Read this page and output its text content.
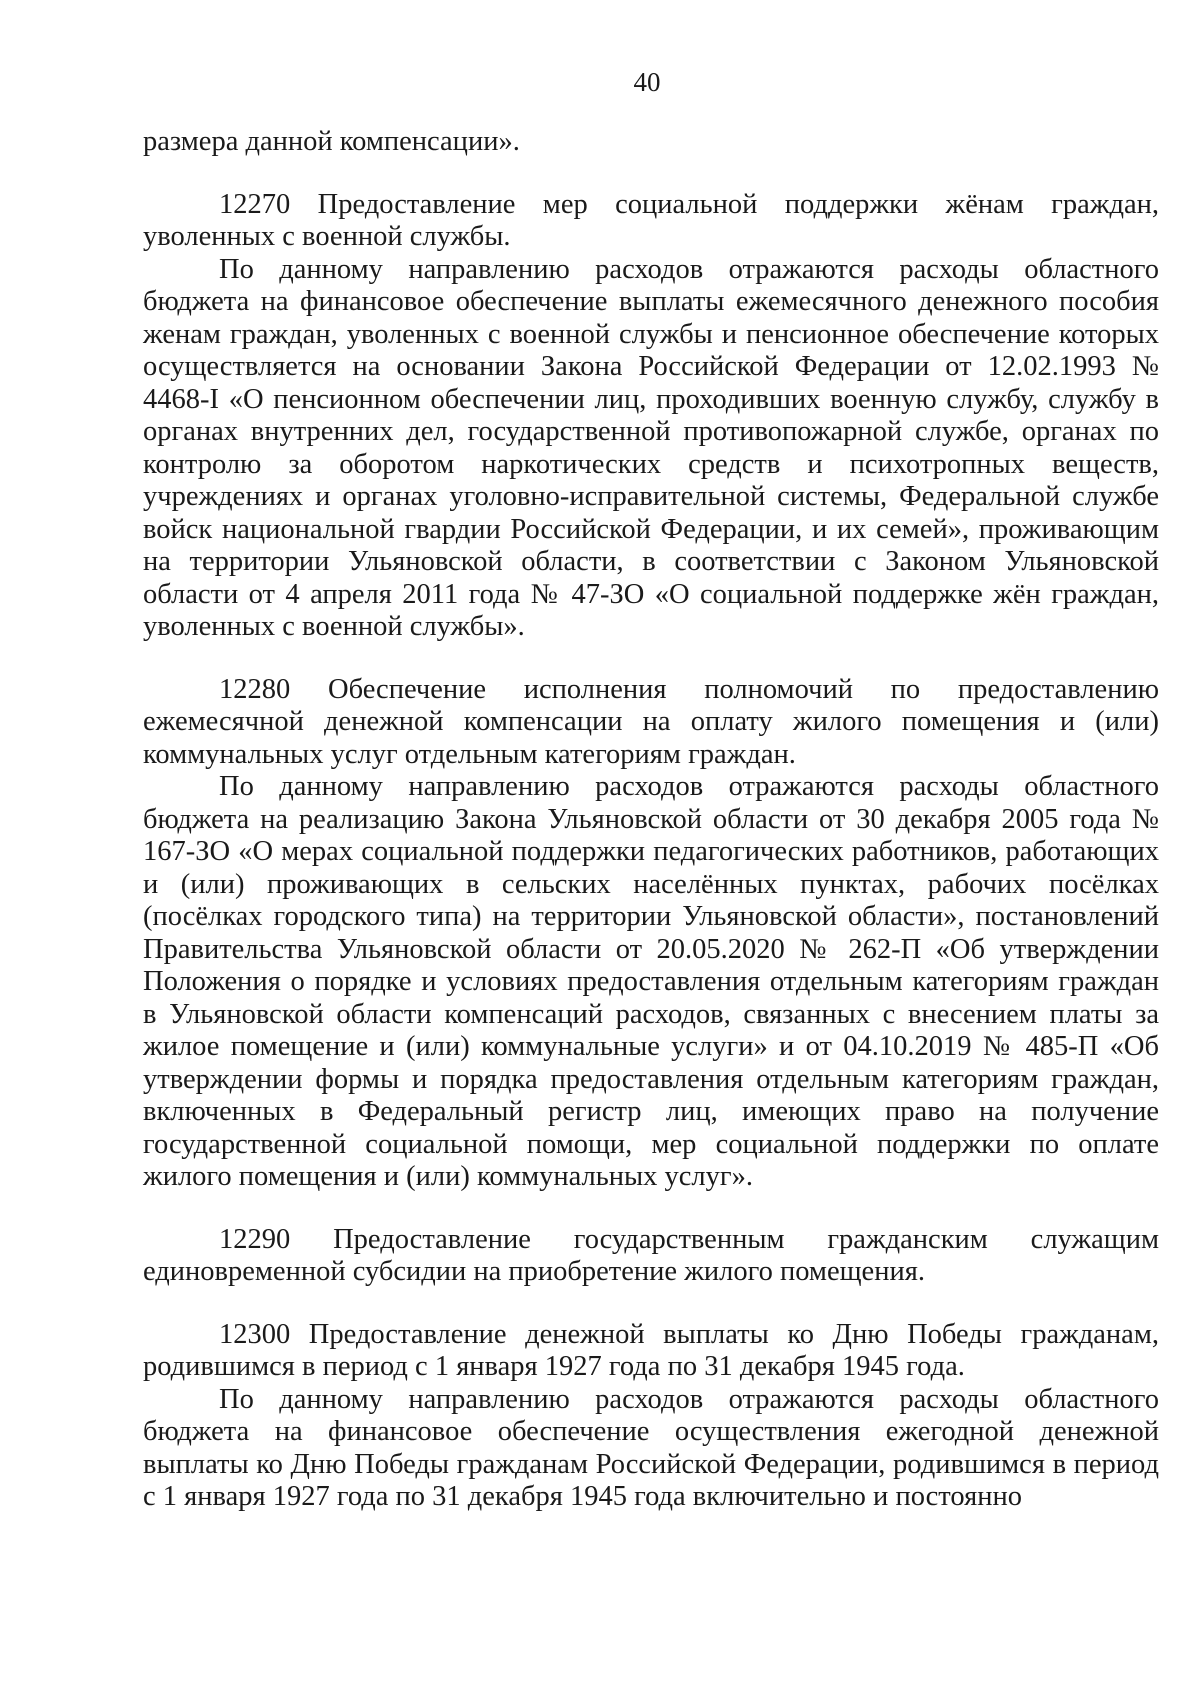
40

размера данной компенсации».

12270 Предоставление мер социальной поддержки жёнам граждан, уволенных с военной службы.

По данному направлению расходов отражаются расходы областного бюджета на финансовое обеспечение выплаты ежемесячного денежного пособия женам граждан, уволенных с военной службы и пенсионное обеспечение которых осуществляется на основании Закона Российской Федерации от 12.02.1993 № 4468-I «О пенсионном обеспечении лиц, проходивших военную службу, службу в органах внутренних дел, государственной противопожарной службе, органах по контролю за оборотом наркотических средств и психотропных веществ, учреждениях и органах уголовно-исправительной системы, Федеральной службе войск национальной гвардии Российской Федерации, и их семей», проживающим на территории Ульяновской области, в соответствии с Законом Ульяновской области от 4 апреля 2011 года № 47-ЗО «О социальной поддержке жён граждан, уволенных с военной службы».

12280 Обеспечение исполнения полномочий по предоставлению ежемесячной денежной компенсации на оплату жилого помещения и (или) коммунальных услуг отдельным категориям граждан.

По данному направлению расходов отражаются расходы областного бюджета на реализацию Закона Ульяновской области от 30 декабря 2005 года № 167-ЗО «О мерах социальной поддержки педагогических работников, работающих и (или) проживающих в сельских населённых пунктах, рабочих посёлках (посёлках городского типа) на территории Ульяновской области», постановлений Правительства Ульяновской области от 20.05.2020 № 262-П «Об утверждении Положения о порядке и условиях предоставления отдельным категориям граждан в Ульяновской области компенсаций расходов, связанных с внесением платы за жилое помещение и (или) коммунальные услуги» и от 04.10.2019 № 485-П «Об утверждении формы и порядка предоставления отдельным категориям граждан, включенных в Федеральный регистр лиц, имеющих право на получение государственной социальной помощи, мер социальной поддержки по оплате жилого помещения и (или) коммунальных услуг».

12290 Предоставление государственным гражданским служащим единовременной субсидии на приобретение жилого помещения.

12300 Предоставление денежной выплаты ко Дню Победы гражданам, родившимся в период с 1 января 1927 года по 31 декабря 1945 года.

По данному направлению расходов отражаются расходы областного бюджета на финансовое обеспечение осуществления ежегодной денежной выплаты ко Дню Победы гражданам Российской Федерации, родившимся в период с 1 января 1927 года по 31 декабря 1945 года включительно и постоянно
